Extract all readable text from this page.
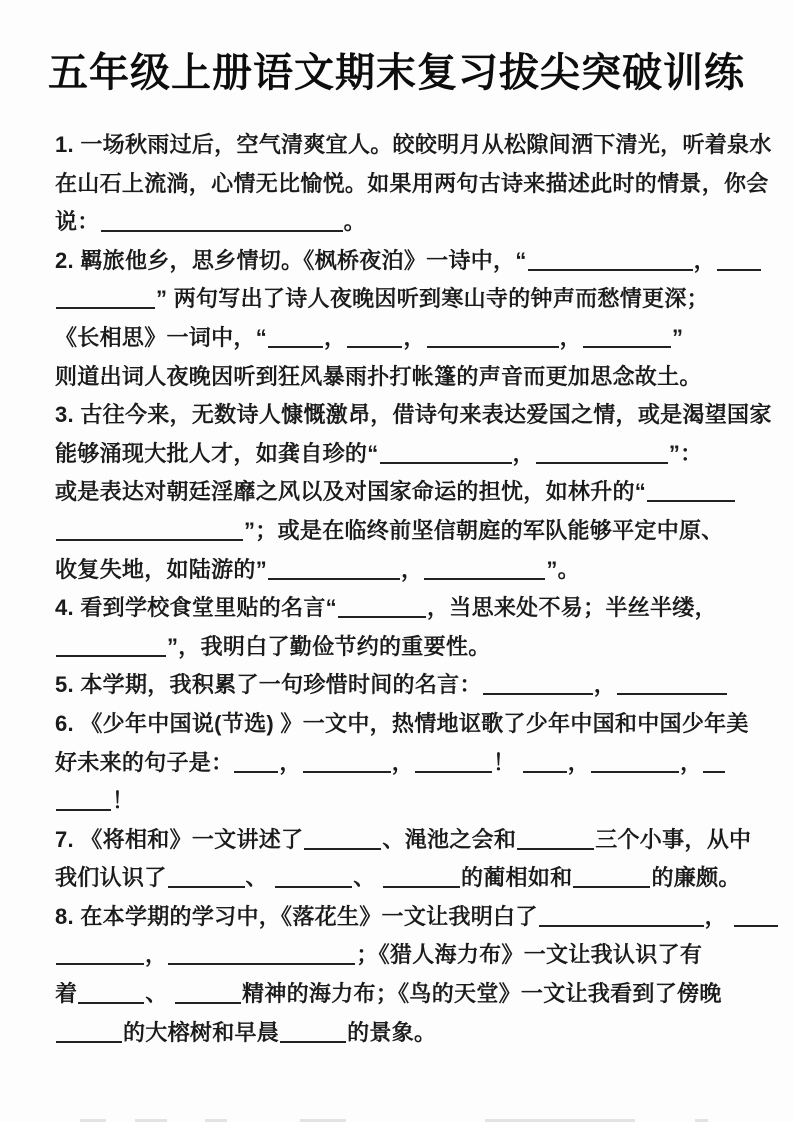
五年级上册语文期末复习拔尖突破训练
1. 一场秋雨过后，空气清爽宜人。皎皎明月从松隙间洒下清光，听着泉水
在山石上流淌，心情无比愉悦。如果用两句古诗来描述此时的情景，你会
说：	。
2. 羁旅他乡，思乡情切。《枫桥夜泊》一诗中，“	，
” 两句写出了诗人夜晚因听到寒山寺的钟声而愁情更深；
《长相思》一词中，“	，	，	，	”
则道出词人夜晚因听到狂风暴雨扑打帐篷的声音而更加思念故土。
3. 古往今来，无数诗人慷慨激昂，借诗句来表达爱国之情，或是渴望国家
能够涌现大批人才，如龚自珍的“	，	”：
或是表达对朝廷淫靡之风以及对国家命运的担忧，如林升的“
”；或是在临终前坚信朝庭的军队能够平定中原、
收复失地，如陆游的”	，	”。
4. 看到学校食堂里贴的名言“	，当思来处不易；半丝半缕，
”，我明白了勤俭节约的重要性。
5. 本学期，我积累了一句珍惜时间的名言：	，
6. 《少年中国说(节选) 》一文中，热情地讴歌了少年中国和中国少年美
好未来的句子是： ，	，	！ ，	，
！
7. 《将相和》一文讲述了	、渑池之会和	三个小事，从中
我们认识了	、	、	的蔺相如和	的廉颇。
8. 在本学期的学习中，《落花生》一文让我明白了	，
，	；《猎人海力布》一文让我认识了有
着	、	精神的海力布；《鸟的天堂》一文让我看到了傍晚
的大榕树和早晨	的景象。
